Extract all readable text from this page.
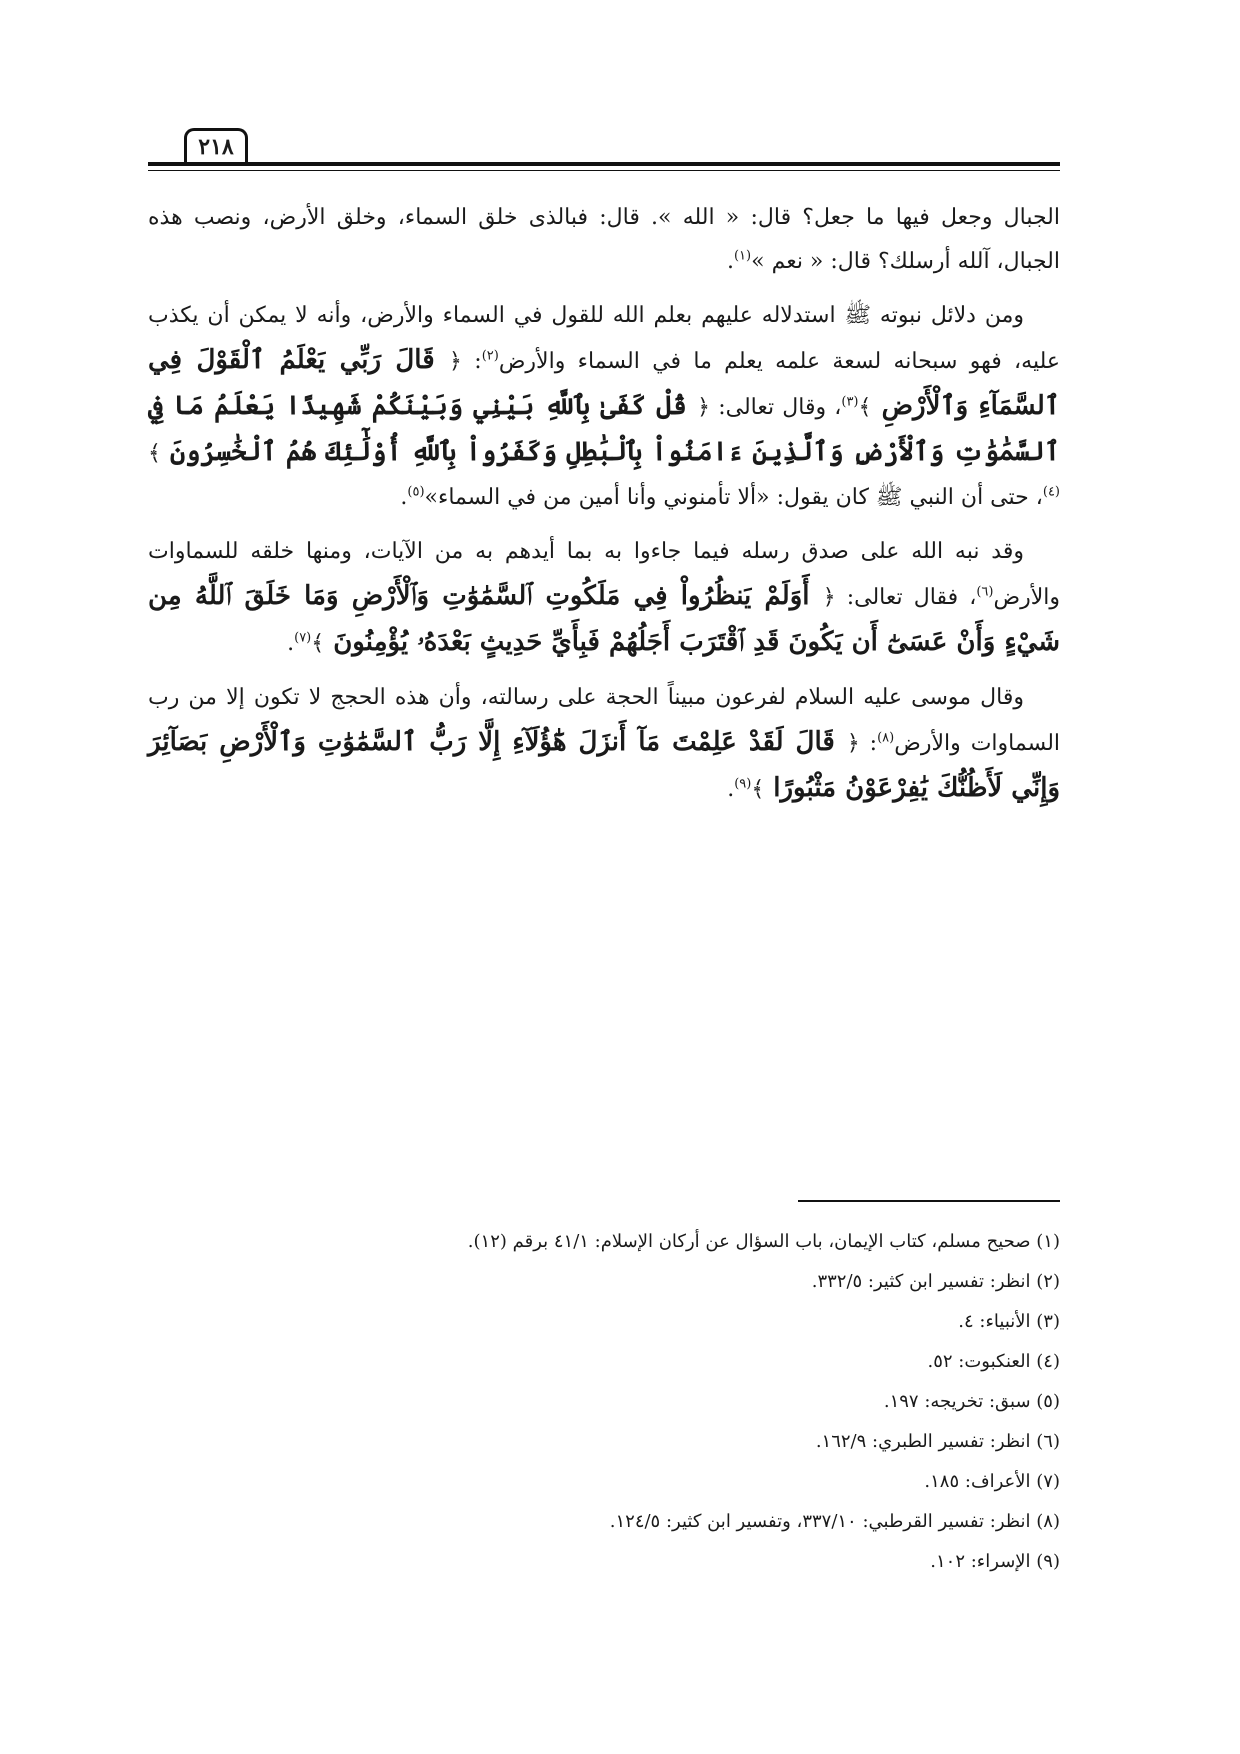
٢١٨

الجبال وجعل فيها ما جعل؟ قال: « الله ». قال: فبالذى خلق السماء، وخلق الأرض، ونصب هذه الجبال، آلله أرسلك؟ قال: « نعم »$^{(١)}$.

ومن دلائل نبوته ﷺ استدلاله عليهم بعلم الله للقول في السماء والأرض، وأنه لا يمكن أن يكذب عليه، فهو سبحانه لسعة علمه يعلم ما في السماء والأرض$^{(٢)}$: ﴿ قَالَ رَبِّي يَعْلَمُ ٱلْقَوْلَ فِي ٱلسَّمَآءِ وَٱلْأَرْضِ ﴾$^{(٣)}$، وقال تعالى: ﴿ قُلْ كَفَىٰ بِٱللَّهِ بَيْنِي وَبَيْنَكُمْ شَهِيدًا يَعْلَمُ مَا فِي ٱلسَّمَٰوَٰتِ وَٱلْأَرْضِ وَٱلَّذِينَ ءَامَنُواْ بِٱلْبَٰطِلِ وَكَفَرُواْ بِٱللَّهِ أُوْلَٰٓئِكَ هُمُ ٱلْخَٰسِرُونَ ﴾$^{(٤)}$، حتى أن النبي ﷺ كان يقول: «ألا تأمنوني وأنا أمين من في السماء»$^{(٥)}$.

وقد نبه الله على صدق رسله فيما جاءوا به بما أيدهم به من الآيات، ومنها خلقه للسماوات والأرض$^{(٦)}$، فقال تعالى: ﴿ أَوَلَمْ يَنظُرُواْ فِي مَلَكُوتِ ٱلسَّمَٰوَٰتِ وَٱلْأَرْضِ وَمَا خَلَقَ ٱللَّهُ مِن شَيْءٍ وَأَنْ عَسَىٰٓ أَن يَكُونَ قَدِ ٱقْتَرَبَ أَجَلُهُمْ فَبِأَيِّ حَدِيثٍ بَعْدَهُۥ يُؤْمِنُونَ ﴾$^{(٧)}$.

وقال موسى عليه السلام لفرعون مبيناً الحجة على رسالته، وأن هذه الحجج لا تكون إلا من رب السماوات والأرض$^{(٨)}$: ﴿ قَالَ لَقَدْ عَلِمْتَ مَآ أَنزَلَ هَٰٓؤُلَآءِ إِلَّا رَبُّ ٱلسَّمَٰوَٰتِ وَٱلْأَرْضِ بَصَآئِرَ وَإِنِّي لَأَظُنُّكَ يَٰفِرْعَوْنُ مَثْبُورًا ﴾$^{(٩)}$.

(١) صحيح مسلم، كتاب الإيمان، باب السؤال عن أركان الإسلام: ٤١/١ برقم (١٢).

(٢) انظر: تفسير ابن كثير: ٣٣٢/٥.

(٣) الأنبياء: ٤.

(٤) العنكبوت: ٥٢.

(٥) سبق: تخريجه: ١٩٧.

(٦) انظر: تفسير الطبري: ١٦٢/٩.

(٧) الأعراف: ١٨٥.

(٨) انظر: تفسير القرطبي: ٣٣٧/١٠، وتفسير ابن كثير: ١٢٤/٥.

(٩) الإسراء: ١٠٢.
